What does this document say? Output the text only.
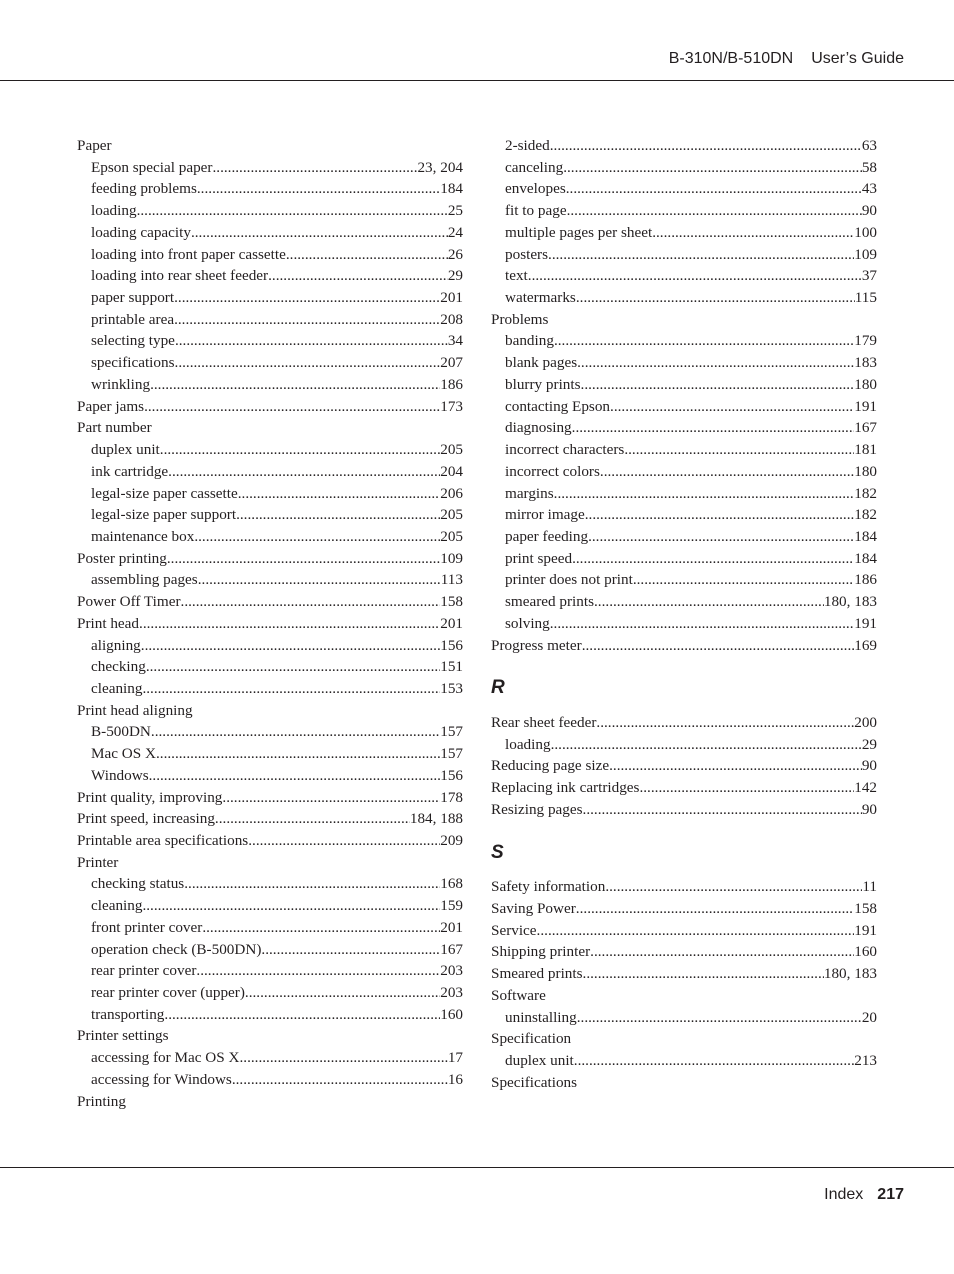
B-310N/B-510DN User’s Guide
Paper
Epson special paper .....	23, 204
feeding problems .....	184
loading .....	25
loading capacity .....	24
loading into front paper cassette .....	26
loading into rear sheet feeder .....	29
paper support .....	201
printable area .....	208
selecting type .....	34
specifications .....	207
wrinkling .....	186
Paper jams .....	173
Part number
duplex unit .....	205
ink cartridge .....	204
legal-size paper cassette .....	206
legal-size paper support .....	205
maintenance box .....	205
Poster printing .....	109
assembling pages .....	113
Power Off Timer .....	158
Print head .....	201
aligning .....	156
checking .....	151
cleaning .....	153
Print head aligning
B-500DN .....	157
Mac OS X .....	157
Windows .....	156
Print quality, improving .....	178
Print speed, increasing .....	184, 188
Printable area specifications .....	209
Printer
checking status .....	168
cleaning .....	159
front printer cover .....	201
operation check (B-500DN) .....	167
rear printer cover .....	203
rear printer cover (upper) .....	203
transporting .....	160
Printer settings
accessing for Mac OS X .....	17
accessing for Windows .....	16
Printing
2-sided .....	63
canceling .....	58
envelopes .....	43
fit to page .....	90
multiple pages per sheet .....	100
posters .....	109
text .....	37
watermarks .....	115
Problems
banding .....	179
blank pages .....	183
blurry prints .....	180
contacting Epson .....	191
diagnosing .....	167
incorrect characters .....	181
incorrect colors .....	180
margins .....	182
mirror image .....	182
paper feeding .....	184
print speed .....	184
printer does not print .....	186
smeared prints .....	180, 183
solving .....	191
Progress meter .....	169
R
Rear sheet feeder .....	200
loading .....	29
Reducing page size .....	90
Replacing ink cartridges .....	142
Resizing pages .....	90
S
Safety information .....	11
Saving Power .....	158
Service .....	191
Shipping printer .....	160
Smeared prints .....	180, 183
Software
uninstalling .....	20
Specification
duplex unit .....	213
Specifications
Index 217
